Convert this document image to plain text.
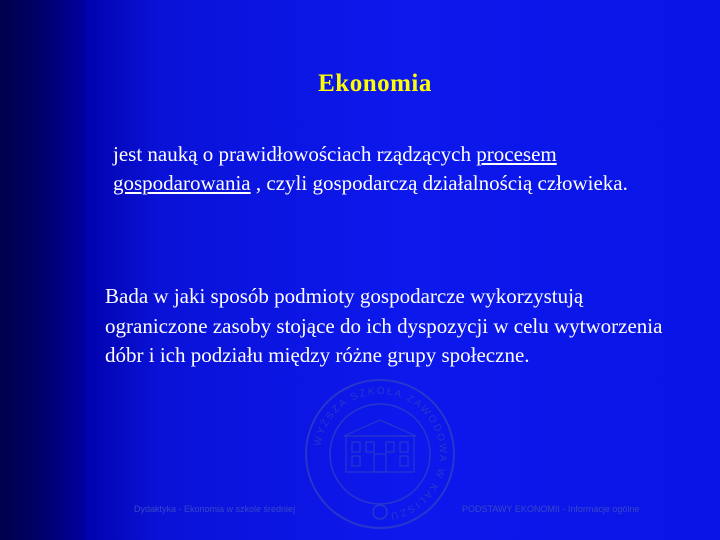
Ekonomia
jest nauką o prawidłowościach rządzących procesem gospodarowania , czyli gospodarczą działalnością człowieka.
Bada w jaki sposób podmioty gospodarcze wykorzystują ograniczone zasoby stojące do ich dyspozycji w celu wytworzenia dóbr i ich podziału między różne grupy społeczne.
WYŻSZA SZKOŁA ZAWODOWA W KALISZU
Dydaktyka - Ekonomia w szkole średniej	PODSTAWY EKONOMII - Informacje ogólne
